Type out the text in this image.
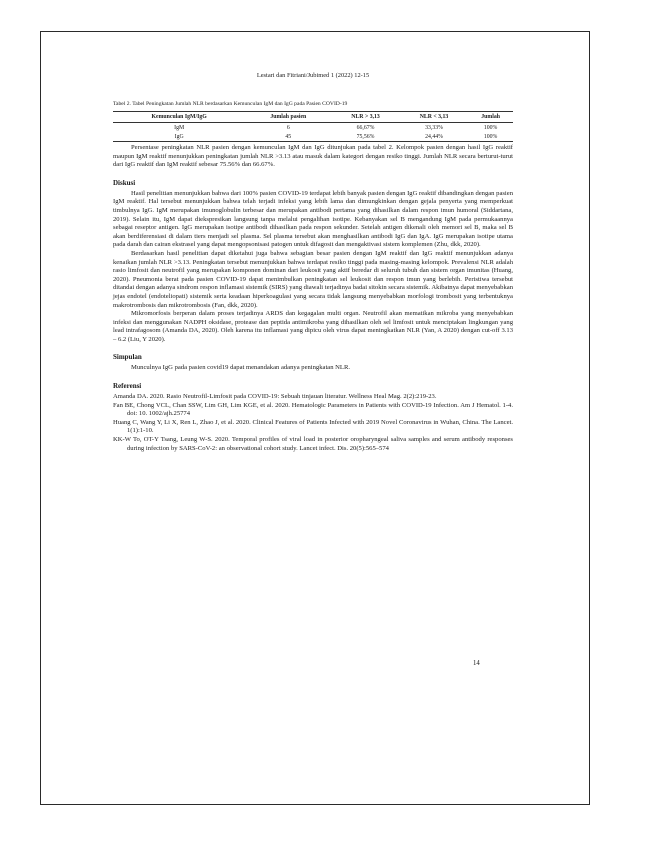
Lestari dan Fitriani/Jubimed 1 (2022) 12-15
Tabel 2. Tabel Peningkatan Jumlah NLR berdasarkan Kemunculan IgM dan IgG pada Pasien COVID-19
Kemunculan IgM/IgG	Jumlah pasien	NLR > 3,13	NLR < 3,13	Jumlah
IgM	6	66,67%	33,33%	100%
IgG	45	75,56%	24,44%	100%

Persentase peningkatan NLR pasien dengan kemunculan IgM dan IgG ditunjukan pada tabel 2. Kelompok pasien dengan hasil IgG reaktif maupun IgM reaktif menunjukkan peningkatan jumlah NLR >3.13 atau masuk dalam kategori dengan resiko tinggi. Jumlah NLR secara berturut-turut dari IgG reaktif dan IgM reaktif sebesar 75.56% dan 66.67%.

Diskusi

Hasil penelitian menunjukkan bahwa dari 100% pasien COVID-19 terdapat lebih banyak pasien dengan IgG reaktif dibandingkan dengan pasien IgM reaktif. Hal tersebut menunjukkan bahwa telah terjadi infeksi yang lebih lama dan dimungkinkan dengan gejala penyerta yang memperkuat timbulnya IgG. IgM merupakan imunoglobulin terbesar dan merupakan antibodi pertama yang dihasilkan dalam respon imun humoral (Siddartana, 2019). Selain itu, IgM dapat diekspresikan langsung tanpa melalui pengalihan isotipe. Kebanyakan sel B mengandung IgM pada permukaannya sebagai reseptor antigen. IgG merupakan isotipe antibodi dihasilkan pada respon sekunder. Setelah antigen dikenali oleh memori sel B, maka sel B akan berdiferensiasi di dalam tiers menjadi sel plasma. Sel plasma tersebut akan menghasilkan antibodi IgG dan IgA. IgG merupakan isotipe utama pada darah dan cairan ekstrasel yang dapat mengopsonisasi patogen untuk difagosit dan mengaktivasi sistem komplemen (Zhu, dkk, 2020).

Berdasarkan hasil penelitian dapat diketahui juga bahwa sebagian besar pasien dengan IgM reaktif dan IgG reaktif menunjukkan adanya kenaikan jumlah NLR >3.13. Peningkatan tersebut menunjukkan bahwa terdapat resiko tinggi pada masing-masing kelompok. Prevalensi NLR adalah rasio limfosit dan neutrofil yang merupakan komponen dominan dari leukosit yang aktif beredar di seluruh tubuh dan sistem organ imunitas (Huang, 2020). Pneumonia berat pada pasien COVID-19 dapat menimbulkan peningkatan sel leukosit dan respon imun yang berlebih. Peristiwa tersebut ditandai dengan adanya sindrom respon inflamasi sistemik (SIRS) yang diawali terjadinya badai sitokin secara sistemik. Akibatnya dapat menyebabkan jejas endotel (endoteliopati) sistemik serta keadaan hiperkoagulasi yang secara tidak langsung menyebabkan morfologi trombosit yang terbentuknya makrotrombosis dan mikrotrombosis (Fan, dkk, 2020).

Mikromorfosis berperan dalam proses terjadinya ARDS dan kegagalan multi organ. Neutrofil akan mematikan mikroba yang menyebabkan infeksi dan menggunakan NADPH oksidase, protease dan peptida antimikroba yang dihasilkan oleh sel limfosit untuk menciptakan lingkungan yang lead intrafagosom (Amanda DA, 2020). Oleh karena itu inflamasi yang dipicu oleh virus dapat meningkatkan NLR (Yan, A 2020) dengan cut-off 3.13 – 6.2 (Liu, Y 2020).

Simpulan
Munculnya IgG pada pasien covid19 dapat menandakan adanya peningkatan NLR.
Referensi

Amanda DA. 2020. Rasio Neutrofil-Limfosit pada COVID-19: Sebuah tinjauan literatur. Wellness Heal Mag. 2(2):219-23.

Fan BE, Chong VCL, Chan SSW, Lim GH, Lim KGE, et al. 2020. Hematologic Parameters in Patients with COVID-19 Infection. Am J Hematol. 1-4. doi: 10. 1002/ajh.25774

Huang C, Wang Y, Li X, Ren L, Zhao J, et al. 2020. Clinical Features of Patients Infected with 2019 Novel Coronavirus in Wuhan, China. The Lancet. 1(1):1-10.

KK-W To, OT-Y Tsang, Leung W-S. 2020. Temporal profiles of viral load in posterior oropharyngeal saliva samples and serum antibody responses during infection by SARS-CoV-2: an observational cohort study. Lancet infect. Dis. 20(5):565–574

14
